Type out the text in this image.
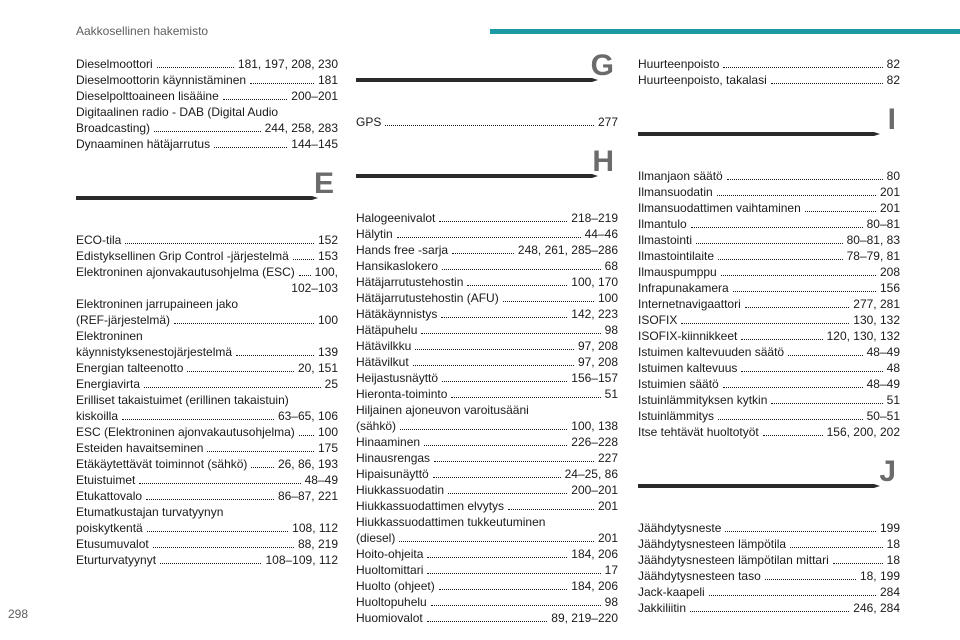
Aakkosellinen hakemisto
Dieselmoottori	181, 197, 208, 230
Dieselmoottorin käynnistäminen	181
Dieselpolttoaineen lisääine	200–201
Digitaalinen radio - DAB (Digital Audio
Broadcasting)	244, 258, 283
Dynaaminen hätäjarrutus	144–145
E
ECO-tila	152
Edistyksellinen Grip Control -järjestelmä 153
Elektroninen ajonvakautusohjelma (ESC) 100,
102–103
Elektroninen jarrupaineen jako
(REF-järjestelmä)	100
Elektroninen
käynnistyksenestojärjestelmä	139
Energian talteenotto	20, 151
Energiavirta	25
Erilliset takaistuimet (erillinen takaistuin)
kiskoilla	63–65, 106
ESC (Elektroninen ajonvakautusohjelma) 100
Esteiden havaitseminen	175
Etäkäytettävät toiminnot (sähkö)	26, 86, 193
Etuistuimet	48–49
Etukattovalo	86–87, 221
Etumatkustajan turvatyynyn
poiskytkentä	108, 112
Etusumuvalot	88, 219
Eturturvatyynyt	108–109, 112
G
GPS	277
H
Halogeenivalot	218–219
Hälytin	44–46
Hands free -sarja	248, 261, 285–286
Hansikaslokero	68
Hätäjarrutustehostin	100, 170
Hätäjarrutustehostin (AFU)	100
Hätäkäynnistys	142, 223
Hätäpuhelu	98
Hätävilkku	97, 208
Hätävilkut	97, 208
Heijastusnäyttö	156–157
Hieronta-toiminto	51
Hiljainen ajoneuvon varoitusääni
(sähkö)	100, 138
Hinaaminen	226–228
Hinausrengas	227
Hipaisunäyttö	24–25, 86
Hiukkassuodatin	200–201
Hiukkassuodattimen elvytys	201
Hiukkassuodattimen tukkeutuminen
(diesel)	201
Hoito-ohjeita	184, 206
Huoltomittari	17
Huolto (ohjeet)	184, 206
Huoltopuhelu	98
Huomiovalot	89, 219–220
Huurteenpoisto	82
Huurteenpoisto, takalasi	82
I
Ilmanjaon säätö	80
Ilmansuodatin	201
Ilmansuodattimen vaihtaminen	201
Ilmantulo	80–81
Ilmastointi	80–81, 83
Ilmastointilaite	78–79, 81
Ilmauspumppu	208
Infrapunakamera	156
Internetnavigaattori	277, 281
ISOFIX	130, 132
ISOFIX-kiinnikkeet	120, 130, 132
Istuimen kaltevuuden säätö	48–49
Istuimen kaltevuus	48
Istuimien säätö	48–49
Istuinlämmityksen kytkin	51
Istuinlämmitys	50–51
Itse tehtävät huoltotyöt	156, 200, 202
J
Jäähdytysneste	199
Jäähdytysnesteen lämpötila	18
Jäähdytysnesteen lämpötilan mittari	18
Jäähdytysnesteen taso	18, 199
Jack-kaapeli	284
Jakkiliitin	246, 284
298
